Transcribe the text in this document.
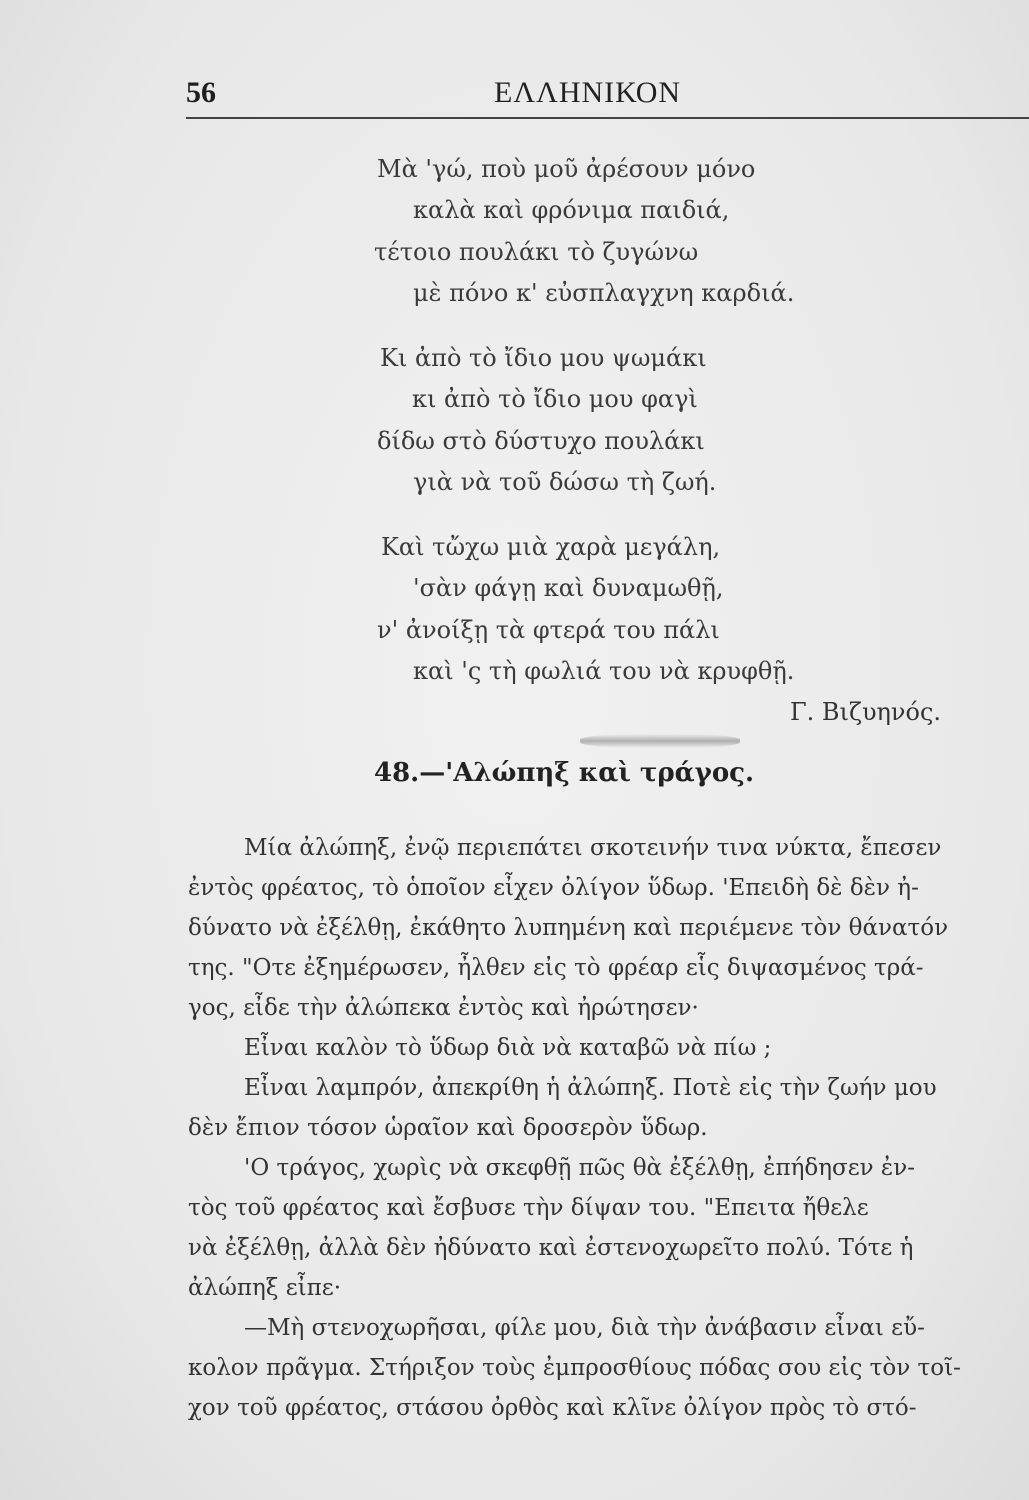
56	ΕΛΛΗΝΙΚΟΝ
Μὰ 'γώ, ποὺ μοῦ ἀρέσουν μόνο
καλὰ καὶ φρόνιμα παιδιά,
τέτοιο πουλάκι τὸ ζυγώνω
μὲ πόνο κ' εὐσπλαγχνη καρδιά.
Κι ἀπὸ τὸ ἴδιο μου ψωμάκι
κι ἀπὸ τὸ ἴδιο μου φαγὶ
δίδω στὸ δύστυχο πουλάκι
γιὰ νὰ τοῦ δώσω τὴ ζωή.
Καὶ τὤχω μιὰ χαρὰ μεγάλη,
'σὰν φάγῃ καὶ δυναμωθῇ,
ν' ἀνοίξῃ τὰ φτερά του πάλι
καὶ 'ς τὴ φωλιά του νὰ κρυφθῇ.
Γ. Βιζυηνός.
48.—'Αλώπηξ καὶ τράγος.
Μία ἀλώπηξ, ἐνῷ περιεπάτει σκοτεινήν τινα νύκτα, ἔπεσεν
ἐντὸς φρέατος, τὸ ὁποῖον εἶχεν ὀλίγον ὕδωρ. 'Επειδὴ δὲ δὲν ἠ-
δύνατο νὰ ἐξέλθῃ, ἐκάθητο λυπημένη καὶ περιέμενε τὸν θάνατόν
της. "Οτε ἐξημέρωσεν, ἦλθεν εἰς τὸ φρέαρ εἷς διψασμένος τρά-
γος, εἶδε τὴν ἀλώπεκα ἐντὸς καὶ ἠρώτησεν·
Εἶναι καλὸν τὸ ὕδωρ διὰ νὰ καταβῶ νὰ πίω ;
Εἶναι λαμπρόν, ἀπεκρίθη ἡ ἀλώπηξ. Ποτὲ εἰς τὴν ζωήν μου
δὲν ἔπιον τόσον ὡραῖον καὶ δροσερὸν ὕδωρ.
'Ο τράγος, χωρὶς νὰ σκεφθῇ πῶς θὰ ἐξέλθῃ, ἐπήδησεν ἐν-
τὸς τοῦ φρέατος καὶ ἔσβυσε τὴν δίψαν του. "Επειτα ἤθελε
νὰ ἐξέλθῃ, ἀλλὰ δὲν ἠδύνατο καὶ ἐστενοχωρεῖτο πολύ. Τότε ἡ
ἀλώπηξ εἶπε·
—Μὴ στενοχωρῆσαι, φίλε μου, διὰ τὴν ἀνάβασιν εἶναι εὔ-
κολον πρᾶγμα. Στήριξον τοὺς ἐμπροσθίους πόδας σου εἰς τὸν τοῖ-
χον τοῦ φρέατος, στάσου ὀρθὸς καὶ κλῖνε ὀλίγον πρὸς τὸ στό-
